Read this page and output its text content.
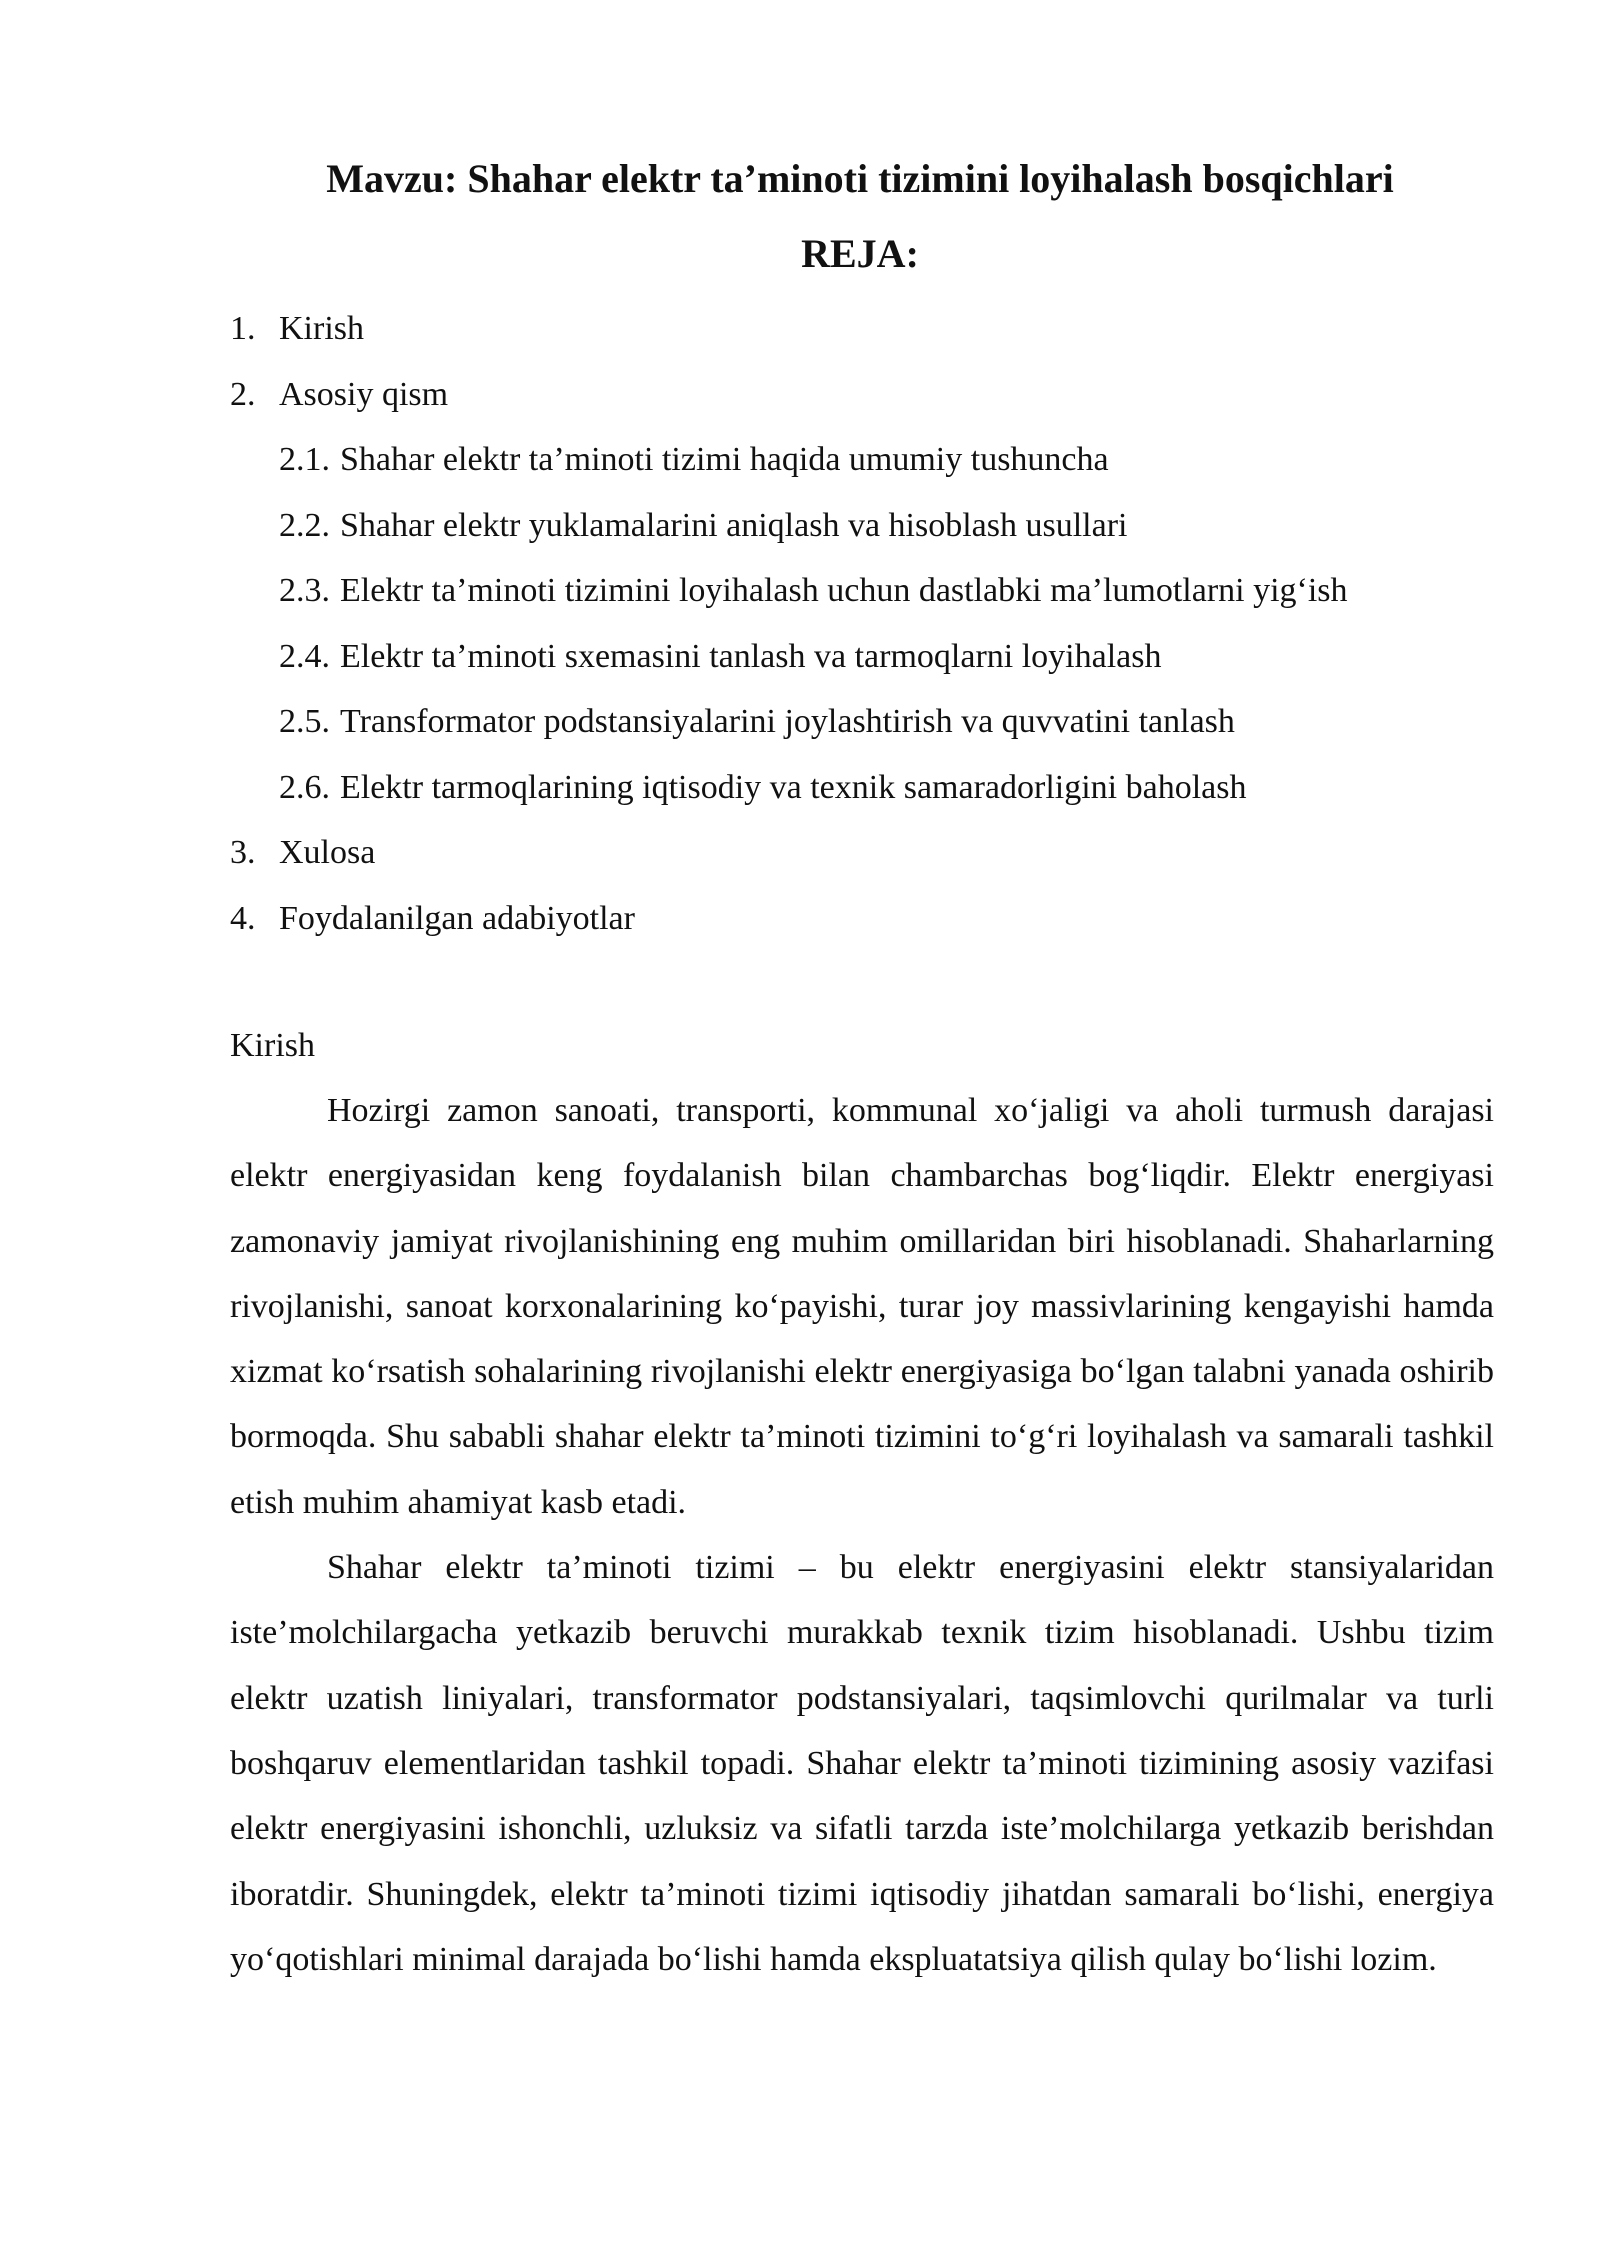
Mavzu: Shahar elektr ta’minoti tizimini loyihalash bosqichlari
REJA:
1. Kirish
2. Asosiy qism
2.1. Shahar elektr ta’minoti tizimi haqida umumiy tushuncha
2.2. Shahar elektr yuklamalarini aniqlash va hisoblash usullari
2.3. Elektr ta’minoti tizimini loyihalash uchun dastlabki ma’lumotlarni yig‘ish
2.4. Elektr ta’minoti sxemasini tanlash va tarmoqlarni loyihalash
2.5. Transformator podstansiyalarini joylashtirish va quvvatini tanlash
2.6. Elektr tarmoqlarining iqtisodiy va texnik samaradorligini baholash
3. Xulosa
4. Foydalanilgan adabiyotlar
Kirish

Hozirgi zamon sanoati, transporti, kommunal xo‘jaligi va aholi turmush darajasi elektr energiyasidan keng foydalanish bilan chambarchas bog‘liqdir. Elektr energiyasi zamonaviy jamiyat rivojlanishining eng muhim omillaridan biri hisoblanadi. Shaharlarning rivojlanishi, sanoat korxonalarining ko‘payishi, turar joy massivlarining kengayishi hamda xizmat ko‘rsatish sohalarining rivojlanishi elektr energiyasiga bo‘lgan talabni yanada oshirib bormoqda. Shu sababli shahar elektr ta’minoti tizimini to‘g‘ri loyihalash va samarali tashkil etish muhim ahamiyat kasb etadi.

Shahar elektr ta’minoti tizimi – bu elektr energiyasini elektr stansiyalaridan iste’molchilargacha yetkazib beruvchi murakkab texnik tizim hisoblanadi. Ushbu tizim elektr uzatish liniyalari, transformator podstansiyalari, taqsimlovchi qurilmalar va turli boshqaruv elementlaridan tashkil topadi. Shahar elektr ta’minoti tizimining asosiy vazifasi elektr energiyasini ishonchli, uzluksiz va sifatli tarzda iste’molchilarga yetkazib berishdan iboratdir. Shuningdek, elektr ta’minoti tizimi iqtisodiy jihatdan samarali bo‘lishi, energiya yo‘qotishlari minimal darajada bo‘lishi hamda ekspluatatsiya qilish qulay bo‘lishi lozim.
